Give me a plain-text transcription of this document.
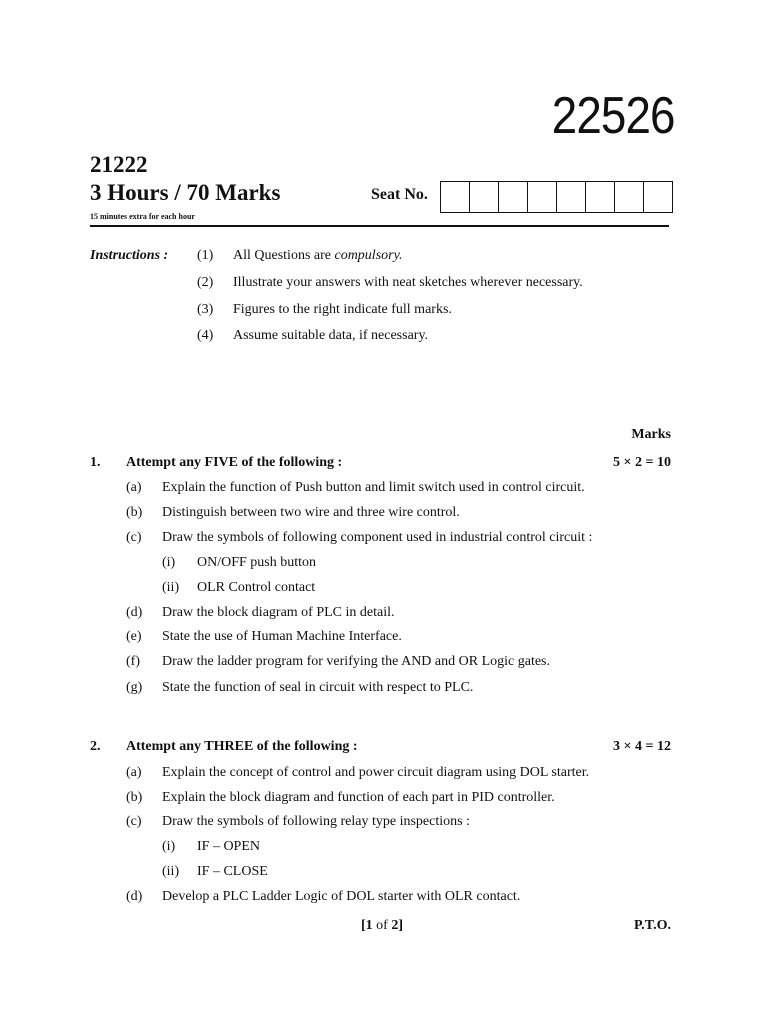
22526
21222
3 Hours / 70 Marks	Seat No.
15 minutes extra for each hour
Instructions : (1) All Questions are compulsory.
(2) Illustrate your answers with neat sketches wherever necessary.
(3) Figures to the right indicate full marks.
(4) Assume suitable data, if necessary.
Marks
1. Attempt any FIVE of the following :	5 × 2 = 10
(a) Explain the function of Push button and limit switch used in control circuit.
(b) Distinguish between two wire and three wire control.
(c) Draw the symbols of following component used in industrial control circuit :
(i) ON/OFF push button
(ii) OLR Control contact
(d) Draw the block diagram of PLC in detail.
(e) State the use of Human Machine Interface.
(f) Draw the ladder program for verifying the AND and OR Logic gates.
(g) State the function of seal in circuit with respect to PLC.
2. Attempt any THREE of the following :	3 × 4 = 12
(a) Explain the concept of control and power circuit diagram using DOL starter.
(b) Explain the block diagram and function of each part in PID controller.
(c) Draw the symbols of following relay type inspections :
(i) IF – OPEN
(ii) IF – CLOSE
(d) Develop a PLC Ladder Logic of DOL starter with OLR contact.
[1 of 2]	P.T.O.
